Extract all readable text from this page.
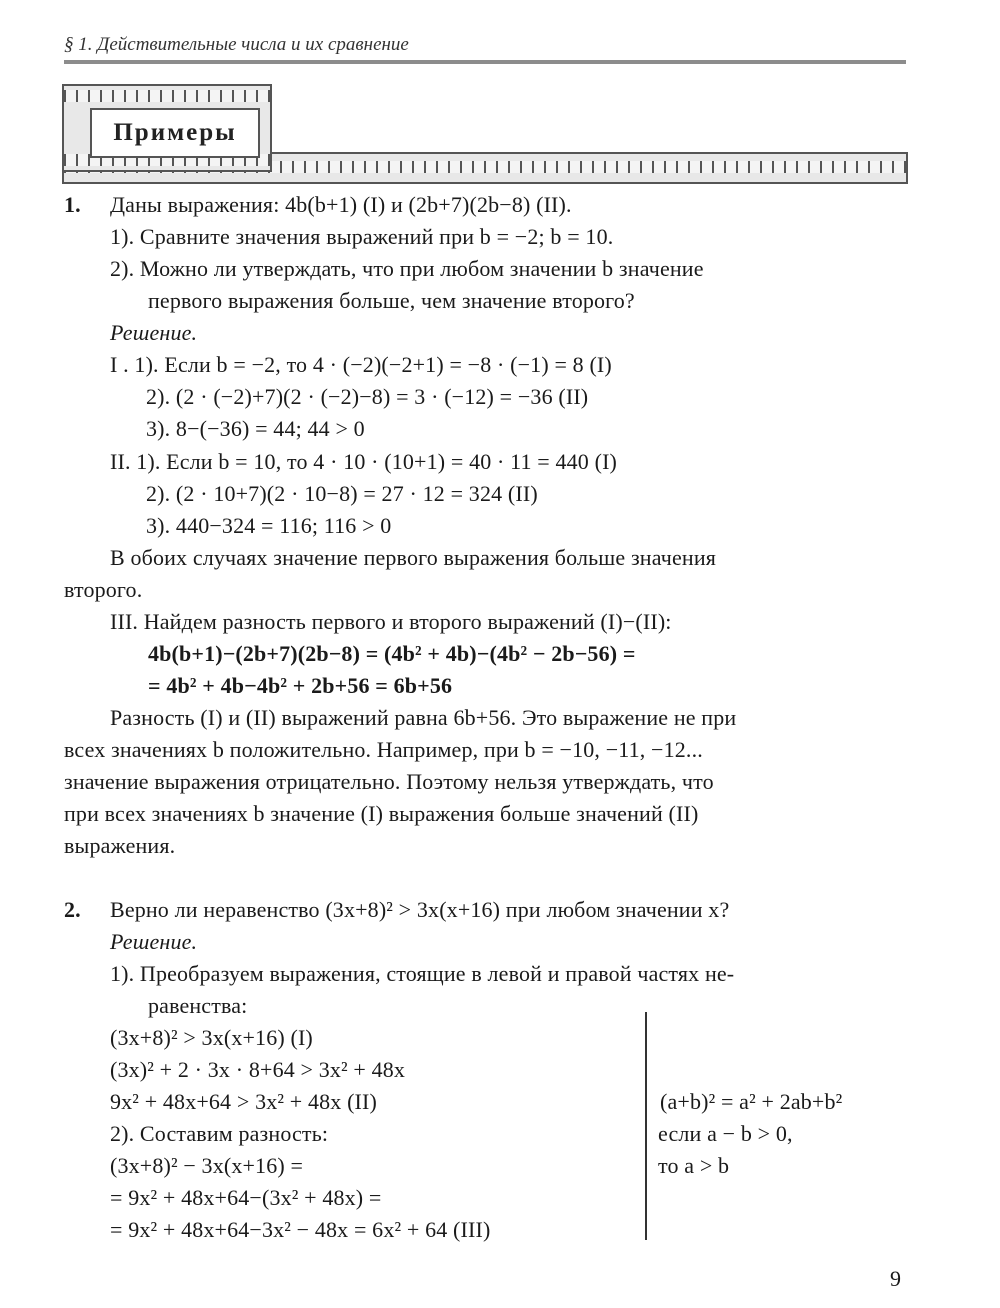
§ 1. Действительные числа и их сравнение
Примеры
1. Даны выражения: 4b(b+1) (I) и (2b+7)(2b−8) (II).
1). Сравните значения выражений при b = −2; b = 10.
2). Можно ли утверждать, что при любом значении b значение
первого выражения больше, чем значение второго?
Решение.
I . 1). Если b = −2, то 4 · (−2)(−2+1) = −8 · (−1) = 8 (I)
2). (2 · (−2)+7)(2 · (−2)−8) = 3 · (−12) = −36 (II)
3). 8−(−36) = 44; 44 > 0
II. 1). Если b = 10, то 4 · 10 · (10+1) = 40 · 11 = 440 (I)
2). (2 · 10+7)(2 · 10−8) = 27 · 12 = 324 (II)
3). 440−324 = 116; 116 > 0
В обоих случаях значение первого выражения больше значения
второго.
III. Найдем разность первого и второго выражений (I)−(II):
4b(b+1)−(2b+7)(2b−8) = (4b² + 4b)−(4b² − 2b−56) =
= 4b² + 4b−4b² + 2b+56 = 6b+56
Разность (I) и (II) выражений равна 6b+56. Это выражение не при
всех значениях b положительно. Например, при b = −10, −11, −12...
значение выражения отрицательно. Поэтому нельзя утверждать, что
при всех значениях b значение (I) выражения больше значений (II)
выражения.
2. Верно ли неравенство (3x+8)² > 3x(x+16) при любом значении x?
Решение.
1). Преобразуем выражения, стоящие в левой и правой частях не-
равенства:
(3x+8)² > 3x(x+16) (I)
(3x)² + 2 · 3x · 8+64 > 3x² + 48x
9x² + 48x+64 > 3x² + 48x (II)
2). Составим разность:
(3x+8)² − 3x(x+16) =
= 9x² + 48x+64−(3x² + 48x) =
= 9x² + 48x+64−3x² − 48x = 6x² + 64 (III)
(a+b)² = a² + 2ab+b²
если a − b > 0,
то a > b
9
